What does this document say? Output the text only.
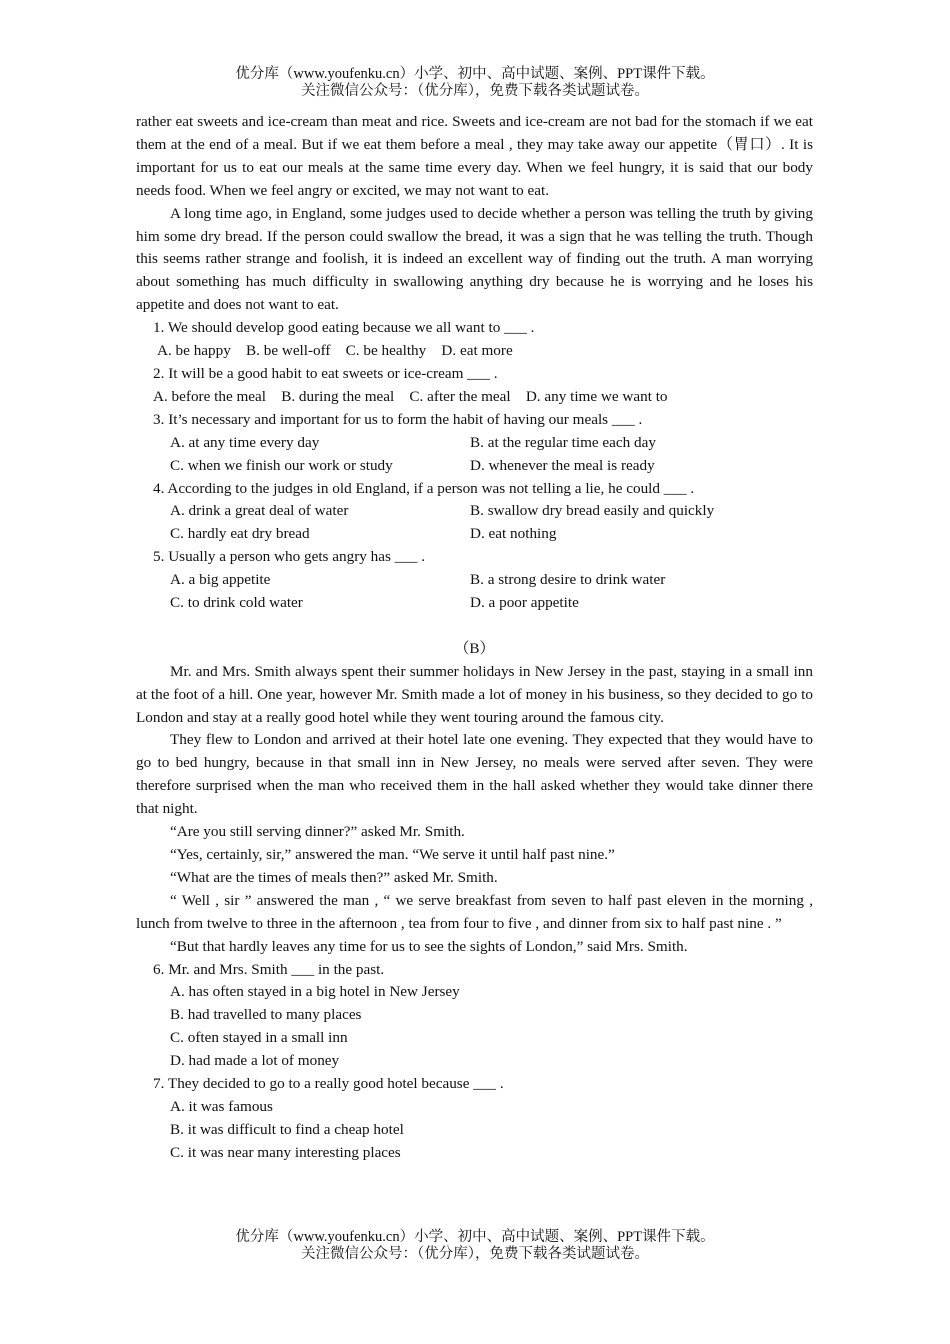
优分库（www.youfenku.cn）小学、初中、高中试题、案例、PPT课件下载。
关注微信公众号：（优分库），免费下载各类试题试卷。

rather eat sweets and ice-cream than meat and rice. Sweets and ice-cream are not bad for the stomach if we eat them at the end of a meal. But if we eat them before a meal , they may take away our appetite（胃口）. It is important for us to eat our meals at the same time every day. When we feel hungry, it is said that our body needs food. When we feel angry or excited, we may not want to eat.

A long time ago, in England, some judges used to decide whether a person was telling the truth by giving him some dry bread. If the person could swallow the bread, it was a sign that he was telling the truth. Though this seems rather strange and foolish, it is indeed an excellent way of finding out the truth. A man worrying about something has much difficulty in swallowing anything dry because he is worrying and he loses his appetite and does not want to eat.

1. We should develop good eating because we all want to ___ .

A. be happy    B. be well-off    C. be healthy    D. eat more

2. It will be a good habit to eat sweets or ice-cream ___ .

A. before the meal    B. during the meal    C. after the meal    D. any time we want to

3. It’s necessary and important for us to form the habit of having our meals ___ .

A. at any time every day	B. at the regular time each day
C. when we finish our work or study	D. whenever the meal is ready

4. According to the judges in old England, if a person was not telling a lie, he could ___ .

A. drink a great deal of water	B. swallow dry bread easily and quickly
C. hardly eat dry bread	D. eat nothing

5. Usually a person who gets angry has ___ .

A. a big appetite	B. a strong desire to drink water
C. to drink cold water	D. a poor appetite

（B）

Mr. and Mrs. Smith always spent their summer holidays in New Jersey in the past, staying in a small inn at the foot of a hill. One year, however Mr. Smith made a lot of money in his business, so they decided to go to London and stay at a really good hotel while they went touring around the famous city.

They flew to London and arrived at their hotel late one evening. They expected that they would have to go to bed hungry, because in that small inn in New Jersey, no meals were served after seven. They were therefore surprised when the man who received them in the hall asked whether they would take dinner there that night.

“Are you still serving dinner?” asked Mr. Smith.

“Yes, certainly, sir,” answered the man. “We serve it until half past nine.”

“What are the times of meals then?” asked Mr. Smith.

“ Well , sir ” answered the man , “ we serve breakfast from seven to half past eleven in the morning , lunch from twelve to three in the afternoon , tea from four to five , and dinner from six to half past nine . ”

“But that hardly leaves any time for us to see the sights of London,” said Mrs. Smith.

6. Mr. and Mrs. Smith ___ in the past.

A. has often stayed in a big hotel in New Jersey

B. had travelled to many places

C. often stayed in a small inn

D. had made a lot of money

7. They decided to go to a really good hotel because ___ .

A. it was famous

B. it was difficult to find a cheap hotel

C. it was near many interesting places

优分库（www.youfenku.cn）小学、初中、高中试题、案例、PPT课件下载。
关注微信公众号：（优分库），免费下载各类试题试卷。
